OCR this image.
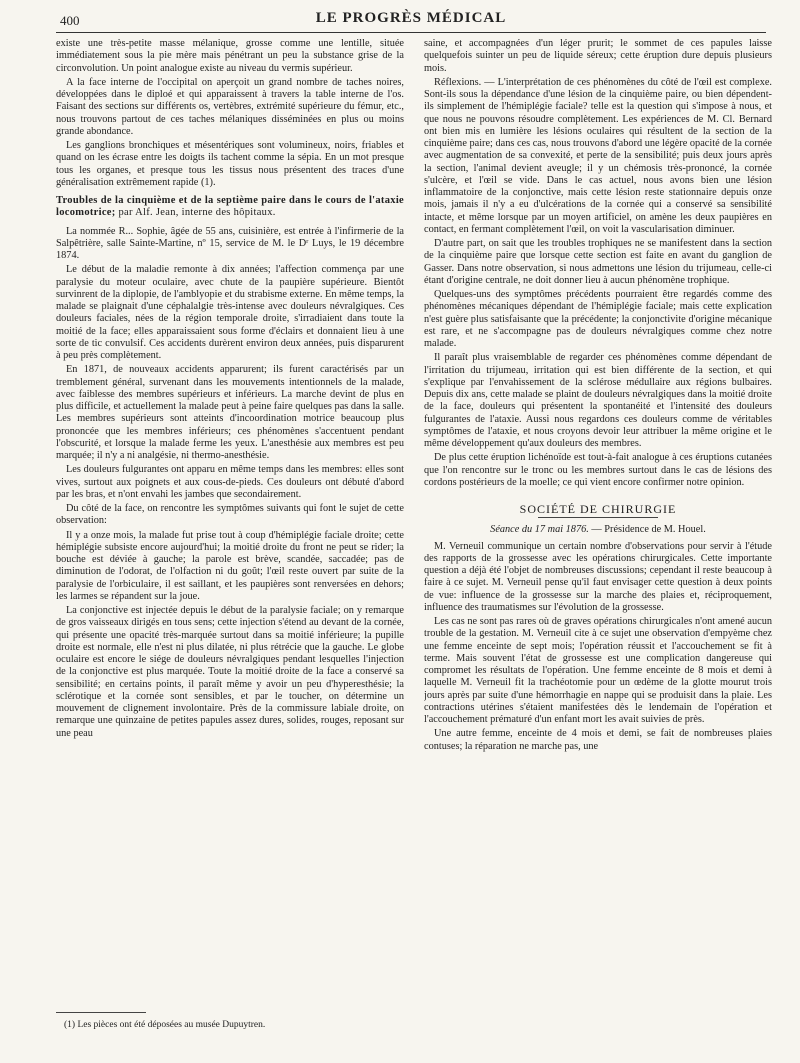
400	LE PROGRÈS MÉDICAL

existe une très-petite masse mélanique, grosse comme une lentille, située immédiatement sous la pie mère mais pénétrant un peu la substance grise de la circonvolution. Un point analogue existe au niveau du vermis supérieur.

A la face interne de l'occipital on aperçoit un grand nombre de taches noires, développées dans le diploé et qui apparaissent à travers la table interne de l'os. Faisant des sections sur différents os, vertèbres, extrémité supérieure du fémur, etc., nous trouvons partout de ces taches mélaniques disséminées en plus ou moins grande abondance.

Les ganglions bronchiques et mésentériques sont volumineux, noirs, friables et quand on les écrase entre les doigts ils tachent comme la sépia. En un mot presque tous les organes, et presque tous les tissus nous présentent des traces d'une généralisation extrêmement rapide (1).

Troubles de la cinquième et de la septième paire dans le cours de l'ataxie locomotrice; par Alf. Jean, interne des hôpitaux.

La nommée R... Sophie, âgée de 55 ans, cuisinière, est entrée à l'infirmerie de la Salpêtrière, salle Sainte-Martine, nº 15, service de M. le Dʳ Luys, le 19 décembre 1874.

Le début de la maladie remonte à dix années; l'affection commença par une paralysie du moteur oculaire, avec chute de la paupière supérieure. Bientôt survinrent de la diplopie, de l'amblyopie et du strabisme externe. En même temps, la malade se plaignait d'une céphalalgie très-intense avec douleurs névralgiques. Ces douleurs faciales, nées de la région temporale droite, s'irradiaient dans toute la moitié de la face; elles apparaissaient sous forme d'éclairs et donnaient lieu à une sorte de tic convulsif. Ces accidents durèrent environ deux années, puis disparurent à peu près complètement.

En 1871, de nouveaux accidents apparurent; ils furent caractérisés par un tremblement général, survenant dans les mouvements intentionnels de la malade, avec faiblesse des membres supérieurs et inférieurs. La marche devint de plus en plus difficile, et actuellement la malade peut à peine faire quelques pas dans la salle. Les membres supérieurs sont atteints d'incoordination motrice beaucoup plus prononcée que les membres inférieurs; ces phénomènes s'accentuent pendant l'obscurité, et lorsque la malade ferme les yeux. L'anesthésie aux membres est peu marquée; il n'y a ni analgésie, ni thermo-anesthésie.

Les douleurs fulgurantes ont apparu en même temps dans les membres: elles sont vives, surtout aux poignets et aux cous-de-pieds. Ces douleurs ont débuté d'abord par les bras, et n'ont envahi les jambes que secondairement.

Du côté de la face, on rencontre les symptômes suivants qui font le sujet de cette observation:

Il y a onze mois, la malade fut prise tout à coup d'hémiplégie faciale droite; cette hémiplégie subsiste encore aujourd'hui; la moitié droite du front ne peut se rider; la bouche est déviée à gauche; la parole est brève, scandée, saccadée; pas de diminution de l'odorat, de l'olfaction ni du goût; l'œil reste ouvert par suite de la paralysie de l'orbiculaire, il est saillant, et les paupières sont renversées en dehors; les larmes se répandent sur la joue.

La conjonctive est injectée depuis le début de la paralysie faciale; on y remarque de gros vaisseaux dirigés en tous sens; cette injection s'étend au devant de la cornée, qui présente une opacité très-marquée surtout dans sa moitié inférieure; la pupille droite est normale, elle n'est ni plus dilatée, ni plus rétrécie que la gauche. Le globe oculaire est encore le siége de douleurs névralgiques pendant lesquelles l'injection de la conjonctive est plus marquée. Toute la moitié droite de la face a conservé sa sensibilité; en certains points, il paraît même y avoir un peu d'hyperesthésie; la sclérotique et la cornée sont sensibles, et par le toucher, on détermine un mouvement de clignement involontaire. Près de la commissure labiale droite, on remarque une quinzaine de petites papules assez dures, solides, rouges, reposant sur une peau

saine, et accompagnées d'un léger prurit; le sommet de ces papules laisse quelquefois suinter un peu de liquide séreux; cette éruption dure depuis plusieurs mois.

Réflexions. — L'interprétation de ces phénomènes du côté de l'œil est complexe. Sont-ils sous la dépendance d'une lésion de la cinquième paire, ou bien dépendent-ils simplement de l'hémiplégie faciale? telle est la question qui s'impose à nous, et que nous ne pouvons résoudre complètement. Les expériences de M. Cl. Bernard ont bien mis en lumière les lésions oculaires qui résultent de la section de la cinquième paire; dans ces cas, nous trouvons d'abord une légère opacité de la cornée avec augmentation de sa convexité, et perte de la sensibilité; puis deux jours après la section, l'animal devient aveugle; il y un chémosis très-prononcé, la cornée s'ulcère, et l'œil se vide. Dans le cas actuel, nous avons bien une lésion inflammatoire de la conjonctive, mais cette lésion reste stationnaire depuis onze mois, jamais il n'y a eu d'ulcérations de la cornée qui a conservé sa sensibilité intacte, et même lorsque par un moyen artificiel, on amène les deux paupières en contact, en fermant complètement l'œil, on voit la vascularisation diminuer.

D'autre part, on sait que les troubles trophiques ne se manifestent dans la section de la cinquième paire que lorsque cette section est faite en avant du ganglion de Gasser. Dans notre observation, si nous admettons une lésion du trijumeau, celle-ci étant d'origine centrale, ne doit donner lieu à aucun phénomène trophique.

Quelques-uns des symptômes précédents pourraient être regardés comme des phénomènes mécaniques dépendant de l'hémiplégie faciale; mais cette explication n'est guère plus satisfaisante que la précédente; la conjonctivite d'origine mécanique est rare, et ne s'accompagne pas de douleurs névralgiques comme chez notre malade.

Il paraît plus vraisemblable de regarder ces phénomènes comme dépendant de l'irritation du trijumeau, irritation qui est bien différente de la section, et qui s'explique par l'envahissement de la sclérose médullaire aux régions bulbaires. Depuis dix ans, cette malade se plaint de douleurs névralgiques dans la moitié droite de la face, douleurs qui présentent la spontanéité et l'intensité des douleurs fulgurantes de l'ataxie. Aussi nous regardons ces douleurs comme de véritables symptômes de l'ataxie, et nous croyons devoir leur attribuer la même origine et le même développement qu'aux douleurs des membres.

De plus cette éruption lichénoïde est tout-à-fait analogue à ces éruptions cutanées que l'on rencontre sur le tronc ou les membres surtout dans le cas de lésions des cordons postérieurs de la moelle; ce qui vient encore confirmer notre opinion.

SOCIÉTÉ DE CHIRURGIE
Séance du 17 mai 1876. — Présidence de M. Houel.

M. Verneuil communique un certain nombre d'observations pour servir à l'étude des rapports de la grossesse avec les opérations chirurgicales. Cette importante question a déjà été l'objet de nombreuses discussions; cependant il reste beaucoup à faire à ce sujet. M. Verneuil pense qu'il faut envisager cette question à deux points de vue: influence de la grossesse sur la marche des plaies et, réciproquement, influence des traumatismes sur l'évolution de la grossesse.

Les cas ne sont pas rares où de graves opérations chirurgicales n'ont amené aucun trouble de la gestation. M. Verneuil cite à ce sujet une observation d'empyème chez une femme enceinte de sept mois; l'opération réussit et l'accouchement se fit à terme. Mais souvent l'état de grossesse est une complication dangereuse qui compromet les résultats de l'opération. Une femme enceinte de 8 mois et demi à laquelle M. Verneuil fit la trachéotomie pour un œdème de la glotte mourut trois jours après par suite d'une hémorrhagie en nappe qui se produisit dans la plaie. Les contractions utérines s'étaient manifestées dès le lendemain de l'opération et l'accouchement prématuré d'un enfant mort les avait suivies de près.

Une autre femme, enceinte de 4 mois et demi, se fait de nombreuses plaies contuses; la réparation ne marche pas, une

(1) Les pièces ont été déposées au musée Dupuytren.
